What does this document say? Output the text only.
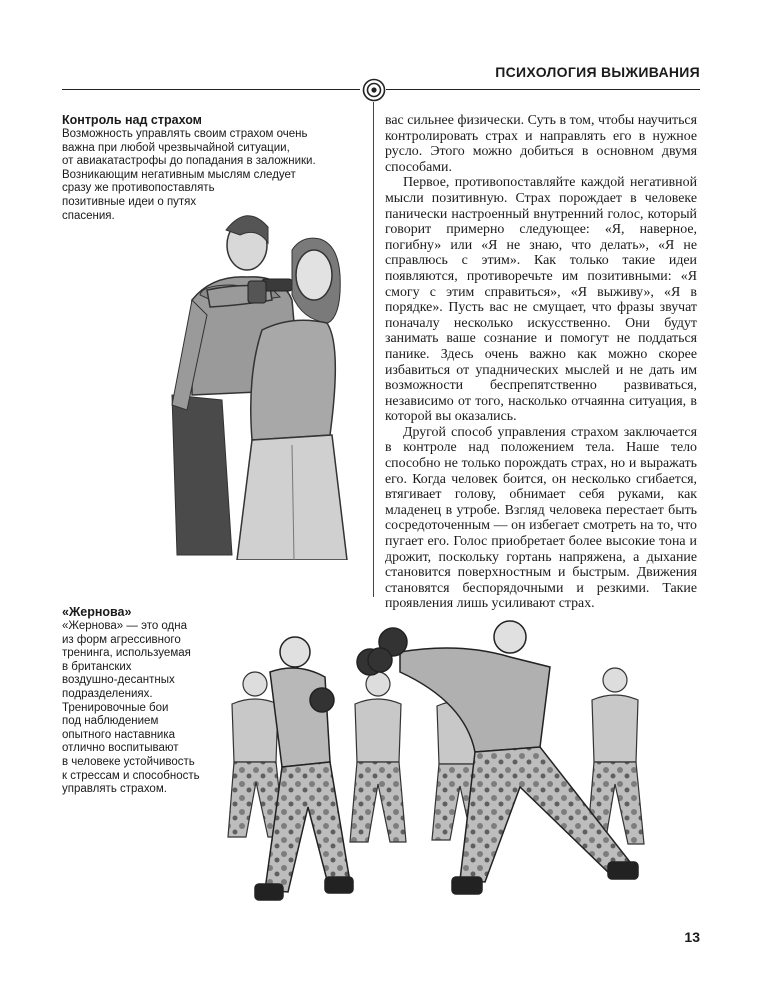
ПСИХОЛОГИЯ ВЫЖИВАНИЯ
Контроль над страхом
Возможность управлять своим страхом очень
важна при любой чрезвычайной ситуации,
от авиакатастрофы до попадания в заложники.
Возникающим негативным мыслям следует
сразу же противопоставлять
позитивные идеи о путях
спасения.

вас сильнее физически. Суть в том, чтобы научиться контролировать страх и направлять его в нужное русло. Этого можно добиться в основном двумя способами.

Первое, противопоставляйте каждой негативной мысли позитивную. Страх порождает в человеке панически настроенный внутренний голос, который говорит примерно следующее: «Я, наверное, погибну» или «Я не знаю, что делать», «Я не справлюсь с этим». Как только такие идеи появляются, противоречьте им позитивными: «Я смогу с этим справиться», «Я выживу», «Я в порядке». Пусть вас не смущает, что фразы звучат поначалу несколько искусственно. Они будут занимать ваше сознание и помогут не поддаться панике. Здесь очень важно как можно скорее избавиться от упаднических мыслей и не дать им возможности беспрепятственно развиваться, независимо от того, насколько отчаянна ситуация, в которой вы оказались.

Другой способ управления страхом заключается в контроле над положением тела. Наше тело способно не только порождать страх, но и выражать его. Когда человек боится, он несколько сгибается, втягивает голову, обнимает себя руками, как младенец в утробе. Взгляд человека перестает быть сосредоточенным — он избегает смотреть на то, что пугает его. Голос приобретает более высокие тона и дрожит, поскольку гортань напряжена, а дыхание становится поверхностным и быстрым. Движения становятся беспорядочными и резкими. Такие проявления лишь усиливают страх.

«Жернова»
«Жернова» — это одна
из форм агрессивного
тренинга, используемая
в британских
воздушно-десантных
подразделениях.
Тренировочные бои
под наблюдением
опытного наставника
отлично воспитывают
в человеке устойчивость
к стрессам и способность
управлять страхом.
13
